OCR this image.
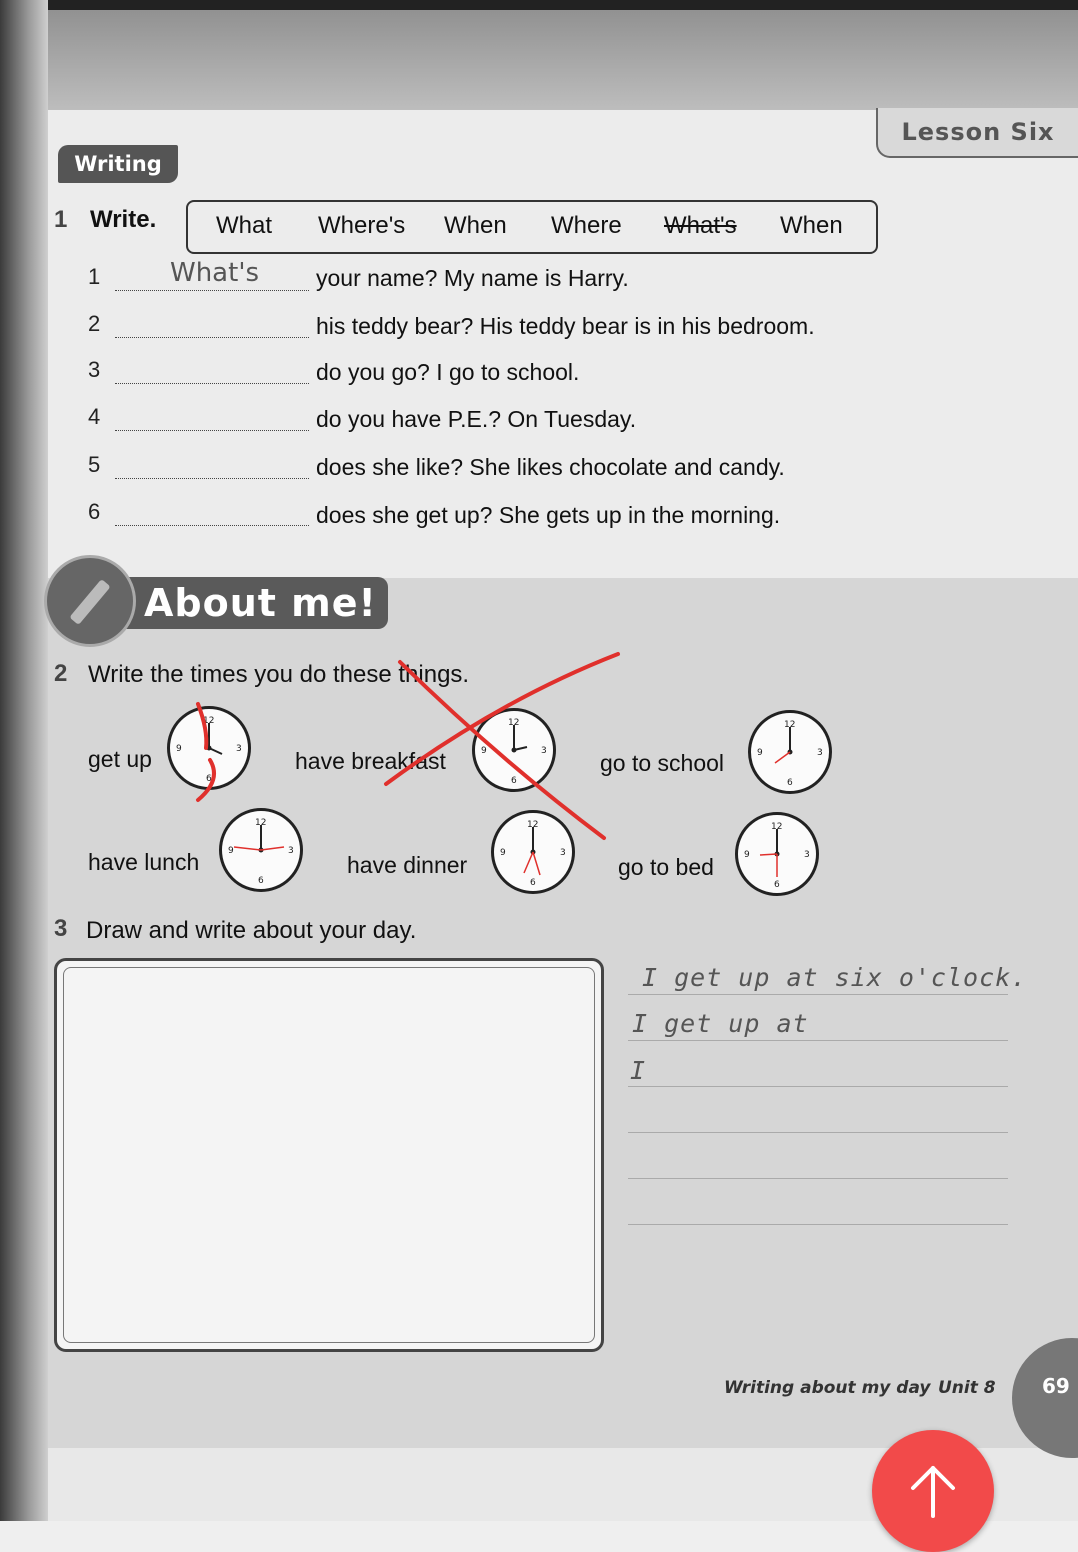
Lesson Six
Writing
1 Write. What Where's When Where What's When
1	What's your name? My name is Harry.
2	his teddy bear? His teddy bear is in his bedroom.
3	do you go? I go to school.
4	do you have P.E.? On Tuesday.
5	does she like? She likes chocolate and candy.
6	does she get up? She gets up in the morning.
About me!
2 Write the times you do these things.
get up	have breakfast	go to school
have lunch	have dinner	go to bed
12
3
6
9
12
3
6
9
12
3
6
9
12
3
6
9
12
3
6
9
12
3
6
9
3 Draw and write about your day.
I get up at six o'clock.
I get up at
I
Writing about my day Unit 8 69
